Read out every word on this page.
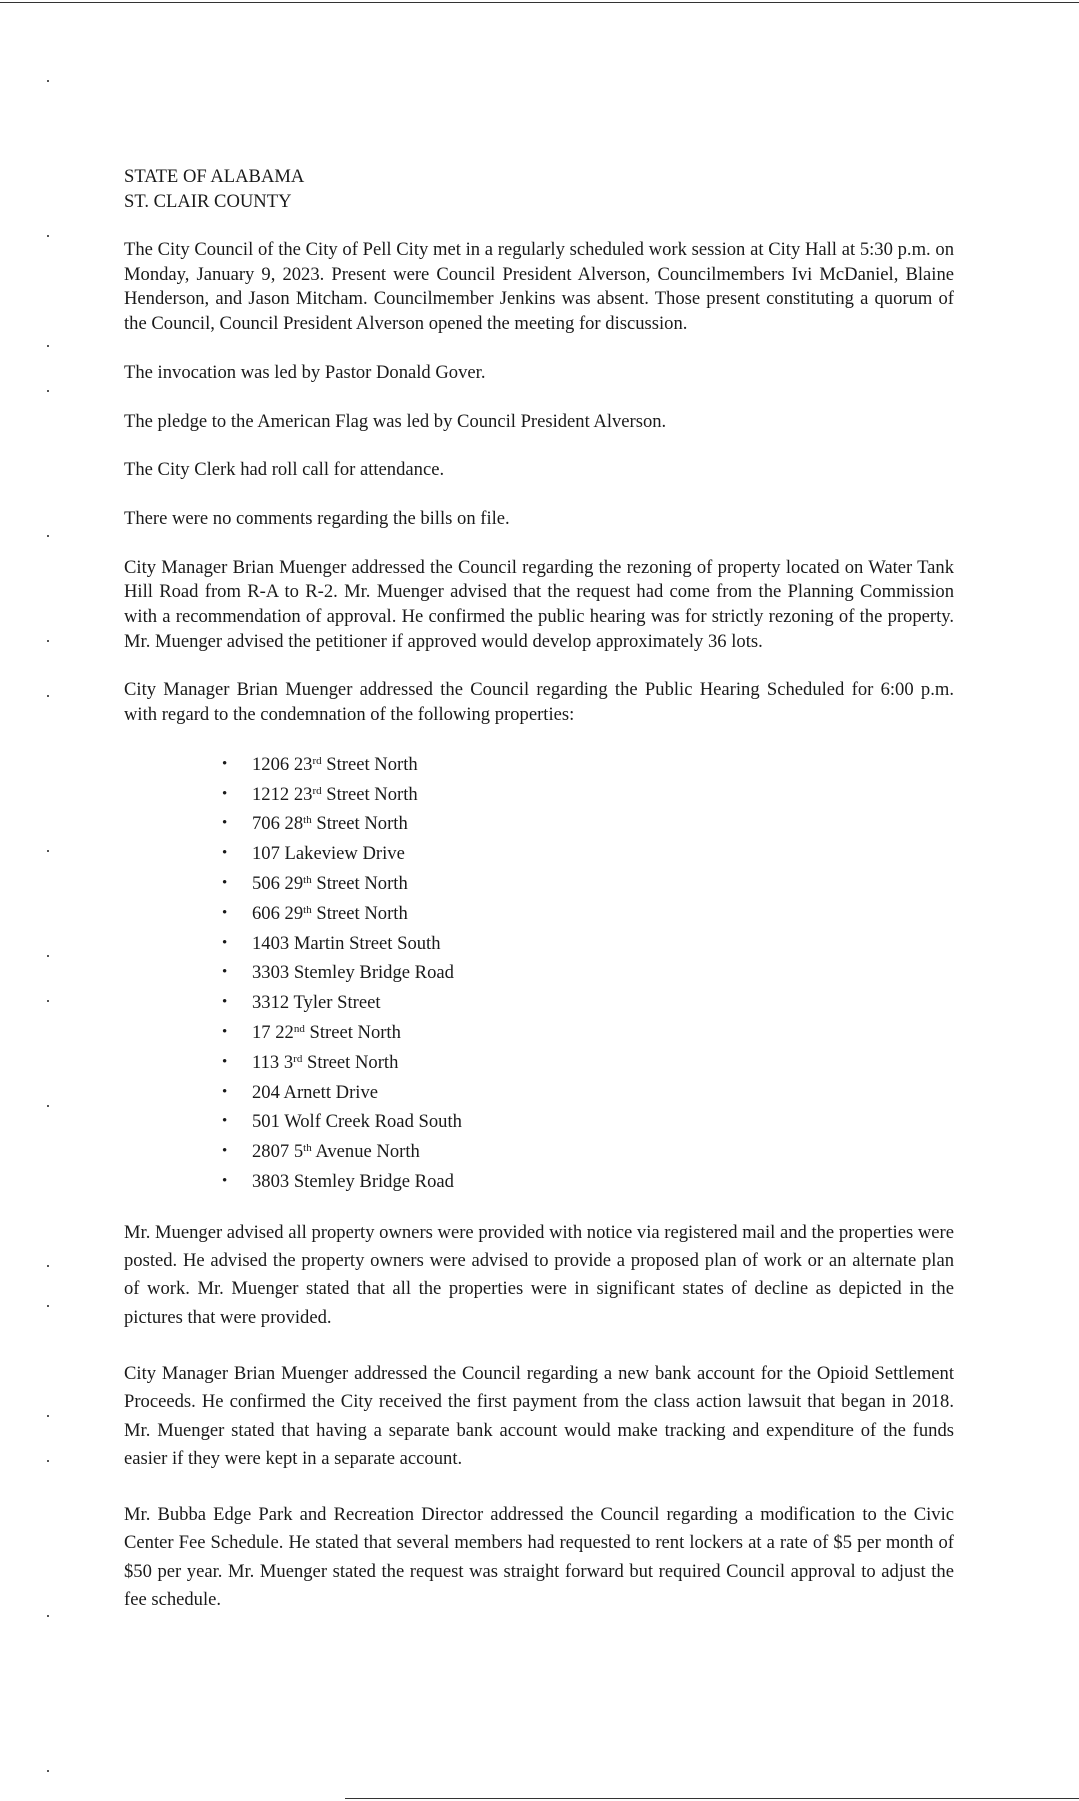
STATE OF ALABAMA
ST. CLAIR COUNTY

The City Council of the City of Pell City met in a regularly scheduled work session at City Hall at 5:30 p.m. on Monday, January 9, 2023. Present were Council President Alverson, Councilmembers Ivi McDaniel, Blaine Henderson, and Jason Mitcham. Councilmember Jenkins was absent. Those present constituting a quorum of the Council, Council President Alverson opened the meeting for discussion.

The invocation was led by Pastor Donald Gover.

The pledge to the American Flag was led by Council President Alverson.

The City Clerk had roll call for attendance.

There were no comments regarding the bills on file.

City Manager Brian Muenger addressed the Council regarding the rezoning of property located on Water Tank Hill Road from R-A to R-2. Mr. Muenger advised that the request had come from the Planning Commission with a recommendation of approval. He confirmed the public hearing was for strictly rezoning of the property. Mr. Muenger advised the petitioner if approved would develop approximately 36 lots.

City Manager Brian Muenger addressed the Council regarding the Public Hearing Scheduled for 6:00 p.m. with regard to the condemnation of the following properties:

• 1206 23rd Street North
• 1212 23rd Street North
• 706 28th Street North
• 107 Lakeview Drive
• 506 29th Street North
• 606 29th Street North
• 1403 Martin Street South
• 3303 Stemley Bridge Road
• 3312 Tyler Street
• 17 22nd Street North
• 113 3rd Street North
• 204 Arnett Drive
• 501 Wolf Creek Road South
• 2807 5th Avenue North
• 3803 Stemley Bridge Road

Mr. Muenger advised all property owners were provided with notice via registered mail and the properties were posted. He advised the property owners were advised to provide a proposed plan of work or an alternate plan of work. Mr. Muenger stated that all the properties were in significant states of decline as depicted in the pictures that were provided.

City Manager Brian Muenger addressed the Council regarding a new bank account for the Opioid Settlement Proceeds. He confirmed the City received the first payment from the class action lawsuit that began in 2018. Mr. Muenger stated that having a separate bank account would make tracking and expenditure of the funds easier if they were kept in a separate account.

Mr. Bubba Edge Park and Recreation Director addressed the Council regarding a modification to the Civic Center Fee Schedule. He stated that several members had requested to rent lockers at a rate of $5 per month of $50 per year. Mr. Muenger stated the request was straight forward but required Council approval to adjust the fee schedule.
